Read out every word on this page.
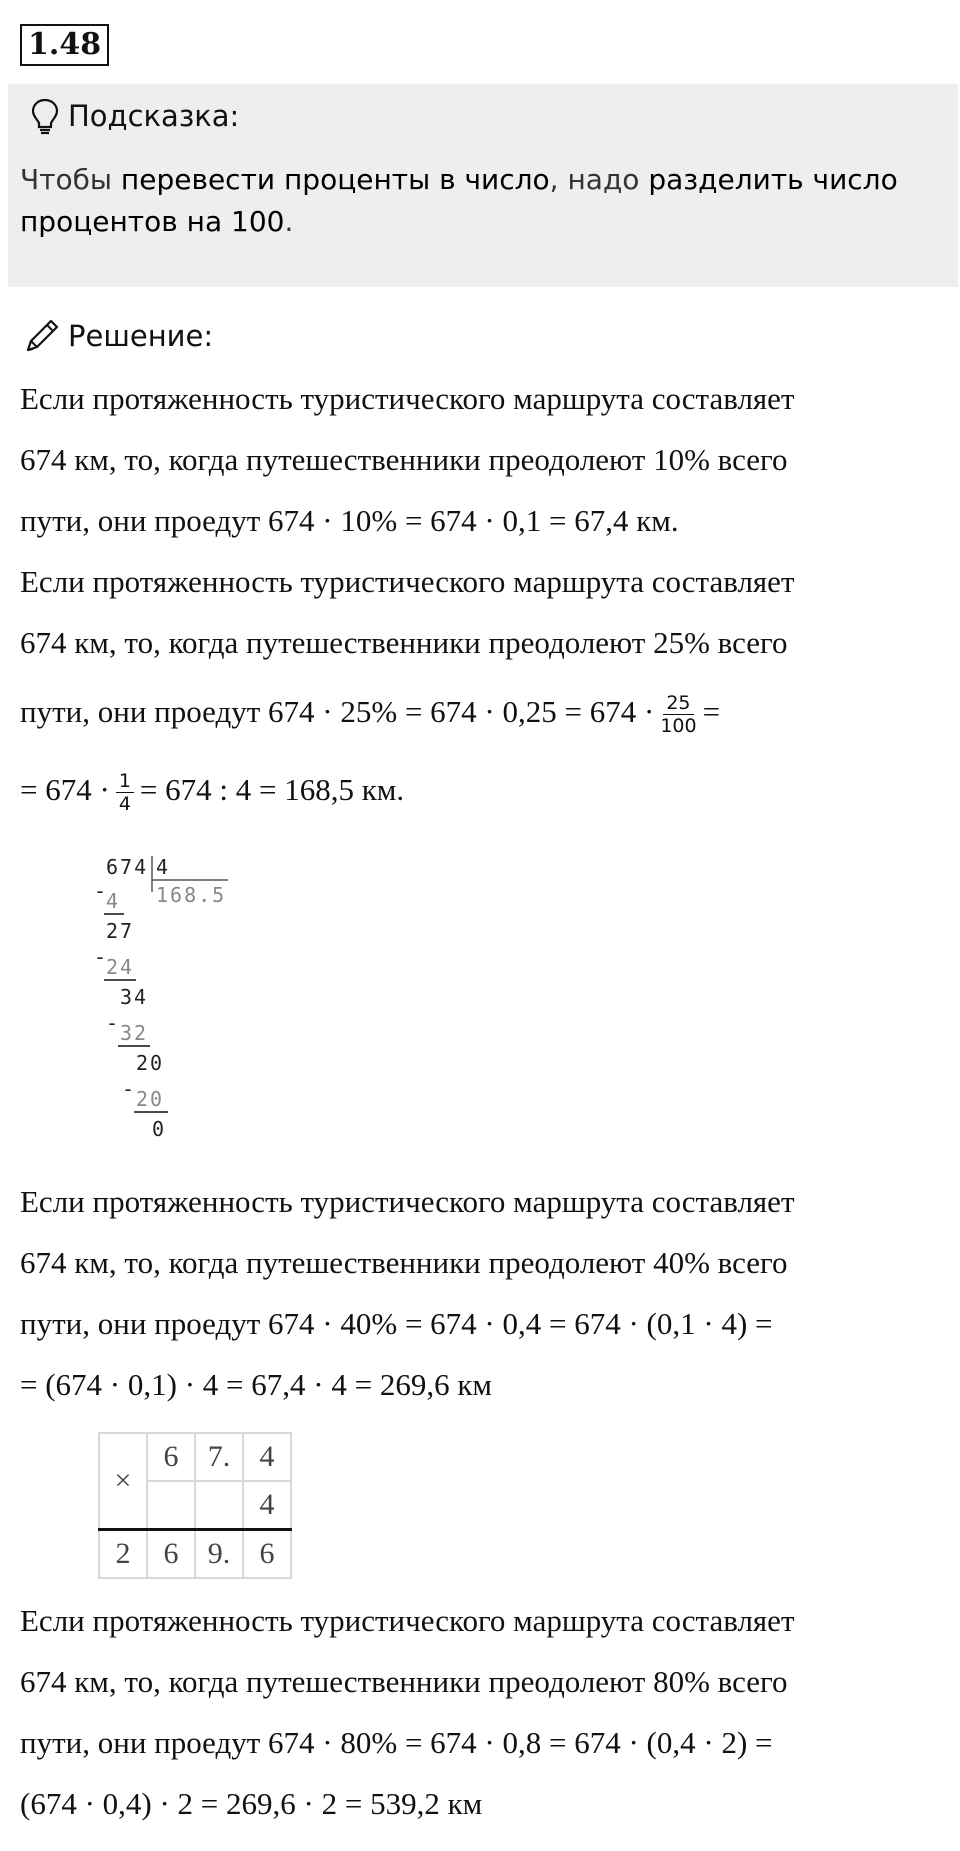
1.48
Подсказка:
Чтобы перевести проценты в число, надо разделить число процентов на 100.
Решение:
Если протяженность туристического маршрута составляет
674 км, то, когда путешественники преодолеют 10% всего
пути, они проедут 674 · 10% = 674 · 0,1 = 67,4 км.
Если протяженность туристического маршрута составляет
674 км, то, когда путешественники преодолеют 25% всего
пути, они проедут $674 \cdot 25\% = 674 \cdot 0,25 = 674 \cdot \frac{25}{100}$ =
= $674 \cdot \frac{1}{4} = 674$ : 4 = 168,5 км.
674 4
168.5
- 4
27
- 24
34
- 32
20
- 20
0
Если протяженность туристического маршрута составляет
674 км, то, когда путешественники преодолеют 40% всего
пути, они проедут 674 · 40% = 674 · 0,4 = 674 · (0,1 · 4) =
= (674 · 0,1) · 4 = 67,4 · 4 = 269,6 км
×	6	7.	4
			4
2	6	9.	6
Если протяженность туристического маршрута составляет
674 км, то, когда путешественники преодолеют 80% всего
пути, они проедут 674 · 80% = 674 · 0,8 = 674 · (0,4 · 2) =
(674 · 0,4) · 2 = 269,6 · 2 = 539,2 км
